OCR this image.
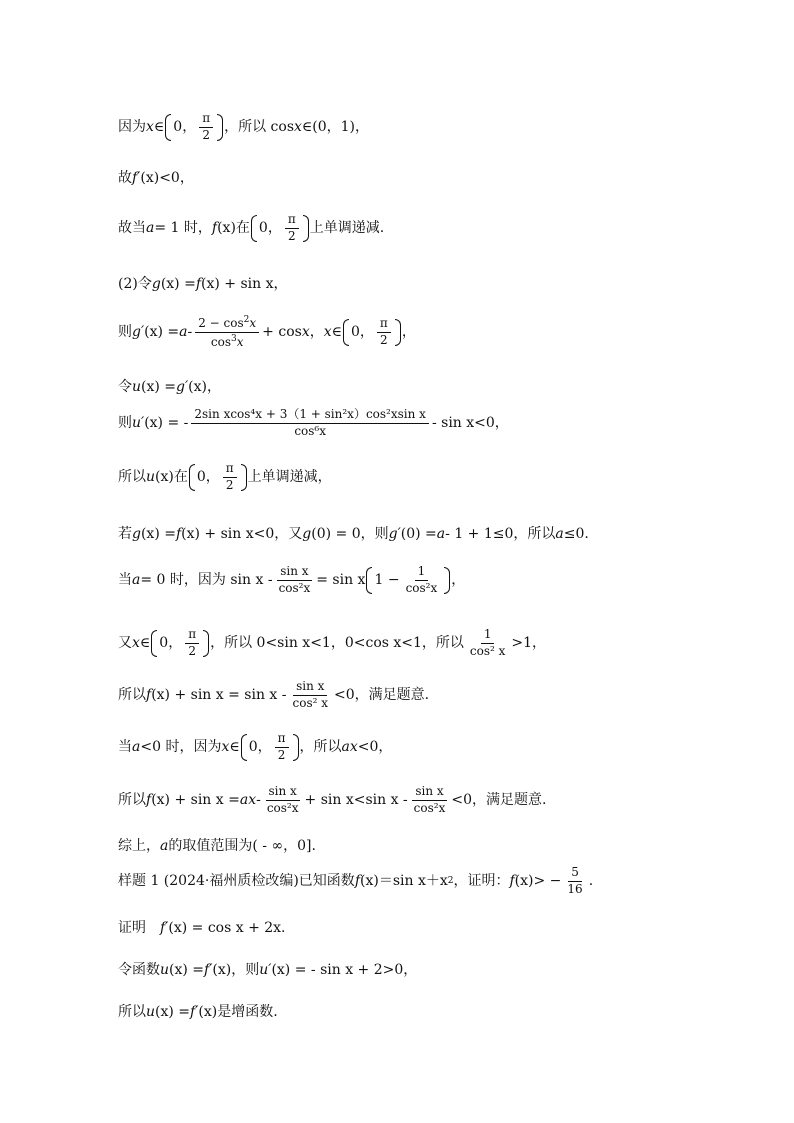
因为 x ∈ 0， $\frac{\pi}{2}$ ，所以 cos x ∈(0，1)，
故 f′ (x)<0，
故当 a = 1 时， f (x)在 0， $\frac{\pi}{2}$ 上单调递减.
(2)令 g (x) = f (x) + sin x，
则 g′ $(x) = a - \frac{2 - \cos^2x}{\cos^3x} + \cos x$ ， x ∈ 0， $\frac{\pi}{2}$ ，
令 u (x) = g′ (x)，
则 u′ (x) = - $\frac{\text{2sin xcos⁴x + 3（1 + sin²x）cos²xsin x}}{\text{cos⁶x}} - \sin x<0$，
所以 u (x)在 0， $\frac{\pi}{2}$ 上单调递减，
若 g (x) = f (x) + sin x<0，又 g (0) = 0，则 g′ (0) = a - 1 + 1≤0，所以 a ≤0.
当 a = 0 时，因为 $\sin x - \frac{\text{sin x}}{\text{cos²x}} = \sin x$ $1 - \frac{1}{\text{cos²x}}$ ，
又 x ∈ 0， $\frac{\pi}{2}$ ，所以 0<sin x<1，0<cos x<1，所以 $\frac{1}{\text{cos² x}} >1$，
所以 f $(x) + \sin x = \sin x - \frac{\text{sin x}}{\text{cos² x}} <0$，满足题意.
当 a <0 时，因为 x ∈ 0， $\frac{\pi}{2}$ ，所以 ax <0，
所以 f (x) + sin x = ax - $\frac{\text{sin x}}{\text{cos²x}} + \sin x<\sin$ $x - \frac{\text{sin x}}{\text{cos²x}} <0$，满足题意.
综上， a 的取值范围为( - ∞，0].
样题 1 (2024·福州质检改编)已知函数 f (x)＝sin x＋x 2 ，证明： f $(x)> - \frac{5}{16}$ .
证明　 f′ (x) = cos x + 2x.
令函数 u (x) = f′ (x)，则 u′ (x) = - sin x + 2>0，
所以 u (x) = f′ (x)是增函数.
